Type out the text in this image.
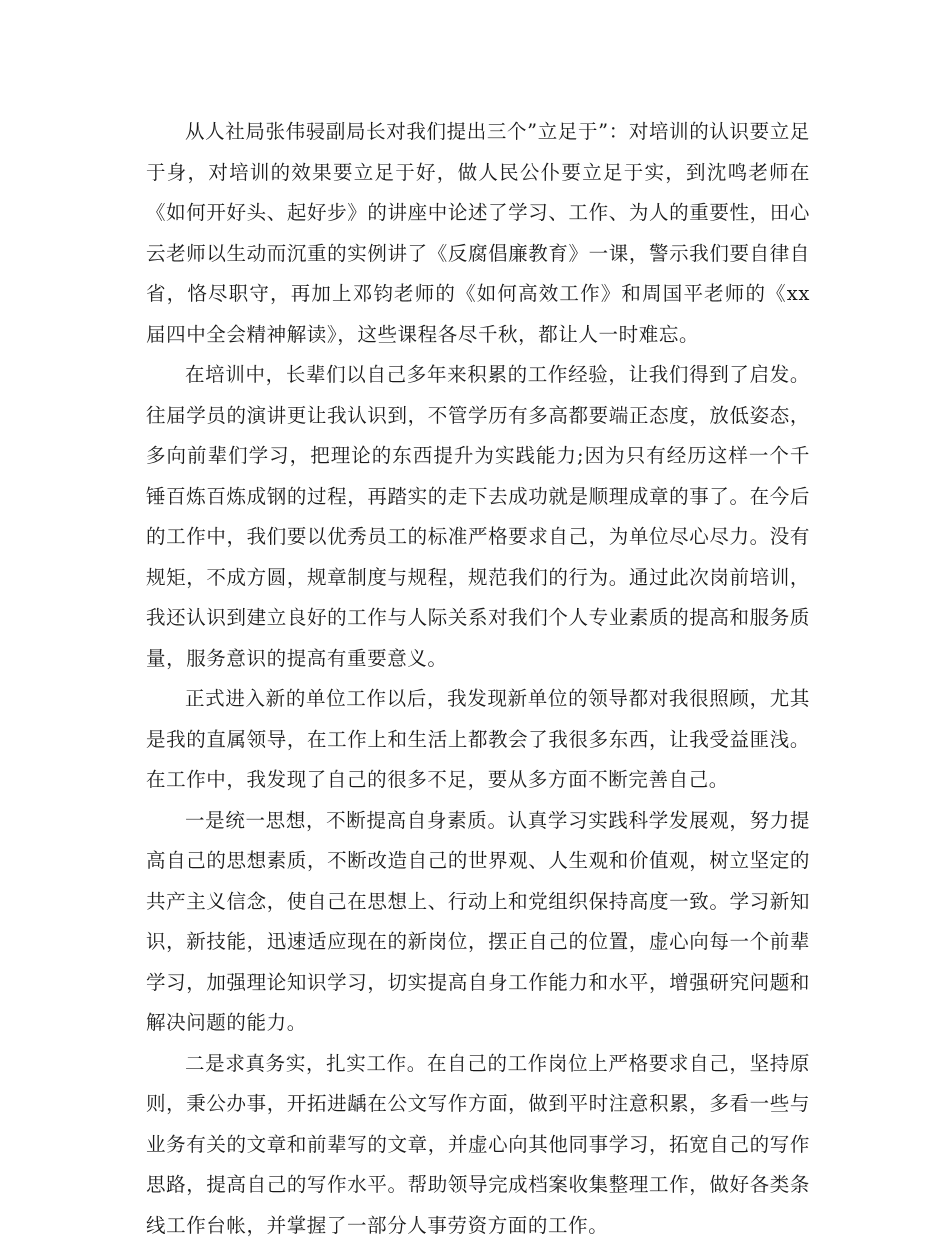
从人社局张伟骎副局长对我们提出三个”立足于”：对培训的认识要立足于身，对培训的效果要立足于好，做人民公仆要立足于实，到沈鸣老师在《如何开好头、起好步》的讲座中论述了学习、工作、为人的重要性，田心云老师以生动而沉重的实例讲了《反腐倡廉教育》一课，警示我们要自律自省，恪尽职守，再加上邓钧老师的《如何高效工作》和周国平老师的《xx届四中全会精神解读》，这些课程各尽千秋，都让人一时难忘。

在培训中，长辈们以自己多年来积累的工作经验，让我们得到了启发。往届学员的演讲更让我认识到，不管学历有多高都要端正态度，放低姿态，多向前辈们学习，把理论的东西提升为实践能力;因为只有经历这样一个千锤百炼百炼成钢的过程，再踏实的走下去成功就是顺理成章的事了。在今后的工作中，我们要以优秀员工的标准严格要求自己，为单位尽心尽力。没有规矩，不成方圆，规章制度与规程，规范我们的行为。通过此次岗前培训，我还认识到建立良好的工作与人际关系对我们个人专业素质的提高和服务质量，服务意识的提高有重要意义。

正式进入新的单位工作以后，我发现新单位的领导都对我很照顾，尤其是我的直属领导，在工作上和生活上都教会了我很多东西，让我受益匪浅。在工作中，我发现了自己的很多不足，要从多方面不断完善自己。

一是统一思想，不断提高自身素质。认真学习实践科学发展观，努力提高自己的思想素质，不断改造自己的世界观、人生观和价值观，树立坚定的共产主义信念，使自己在思想上、行动上和党组织保持高度一致。学习新知识，新技能，迅速适应现在的新岗位，摆正自己的位置，虚心向每一个前辈学习，加强理论知识学习，切实提高自身工作能力和水平，增强研究问题和解决问题的能力。

二是求真务实，扎实工作。在自己的工作岗位上严格要求自己，坚持原则，秉公办事，开拓进龋在公文写作方面，做到平时注意积累，多看一些与业务有关的文章和前辈写的文章，并虚心向其他同事学习，拓宽自己的写作思路，提高自己的写作水平。帮助领导完成档案收集整理工作，做好各类条线工作台帐，并掌握了一部分人事劳资方面的工作。
